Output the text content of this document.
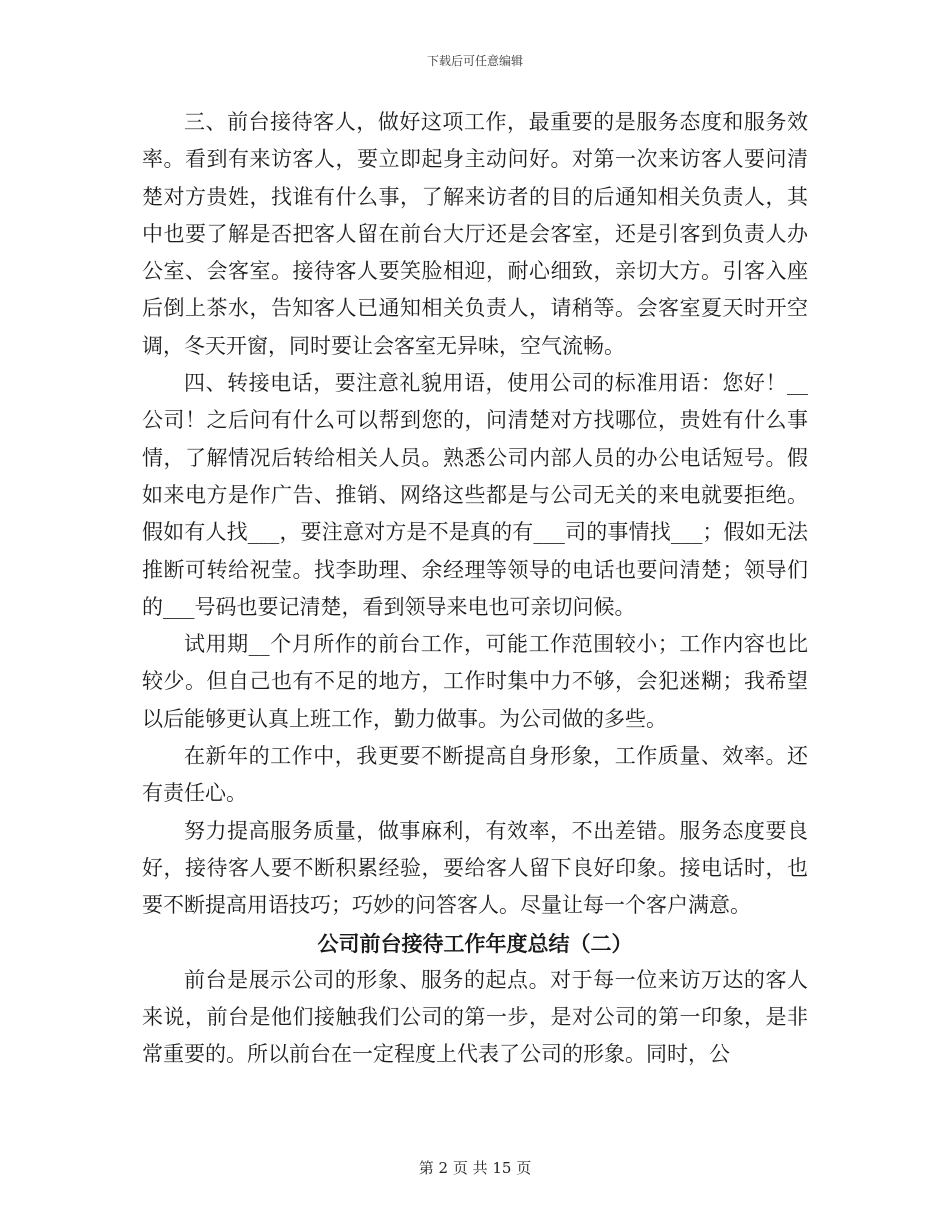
下载后可任意编辑

三、前台接待客人，做好这项工作，最重要的是服务态度和服务效率。看到有来访客人，要立即起身主动问好。对第一次来访客人要问清楚对方贵姓，找谁有什么事，了解来访者的目的后通知相关负责人，其中也要了解是否把客人留在前台大厅还是会客室，还是引客到负责人办公室、会客室。接待客人要笑脸相迎，耐心细致，亲切大方。引客入座后倒上茶水，告知客人已通知相关负责人，请稍等。会客室夏天时开空调，冬天开窗，同时要让会客室无异味，空气流畅。

四、转接电话，要注意礼貌用语，使用公司的标准用语：您好！__公司！之后问有什么可以帮到您的，问清楚对方找哪位，贵姓有什么事情，了解情况后转给相关人员。熟悉公司内部人员的办公电话短号。假如来电方是作广告、推销、网络这些都是与公司无关的来电就要拒绝。假如有人找___，要注意对方是不是真的有___司的事情找___；假如无法推断可转给祝莹。找李助理、余经理等领导的电话也要问清楚；领导们的___号码也要记清楚，看到领导来电也可亲切问候。

试用期__个月所作的前台工作，可能工作范围较小；工作内容也比较少。但自己也有不足的地方，工作时集中力不够，会犯迷糊；我希望以后能够更认真上班工作，勤力做事。为公司做的多些。

在新年的工作中，我更要不断提高自身形象，工作质量、效率。还有责任心。

努力提高服务质量，做事麻利，有效率，不出差错。服务态度要良好，接待客人要不断积累经验，要给客人留下良好印象。接电话时，也要不断提高用语技巧；巧妙的问答客人。尽量让每一个客户满意。

公司前台接待工作年度总结（二）

前台是展示公司的形象、服务的起点。对于每一位来访万达的客人来说，前台是他们接触我们公司的第一步，是对公司的第一印象，是非常重要的。所以前台在一定程度上代表了公司的形象。同时，公

第 2 页 共 15 页
